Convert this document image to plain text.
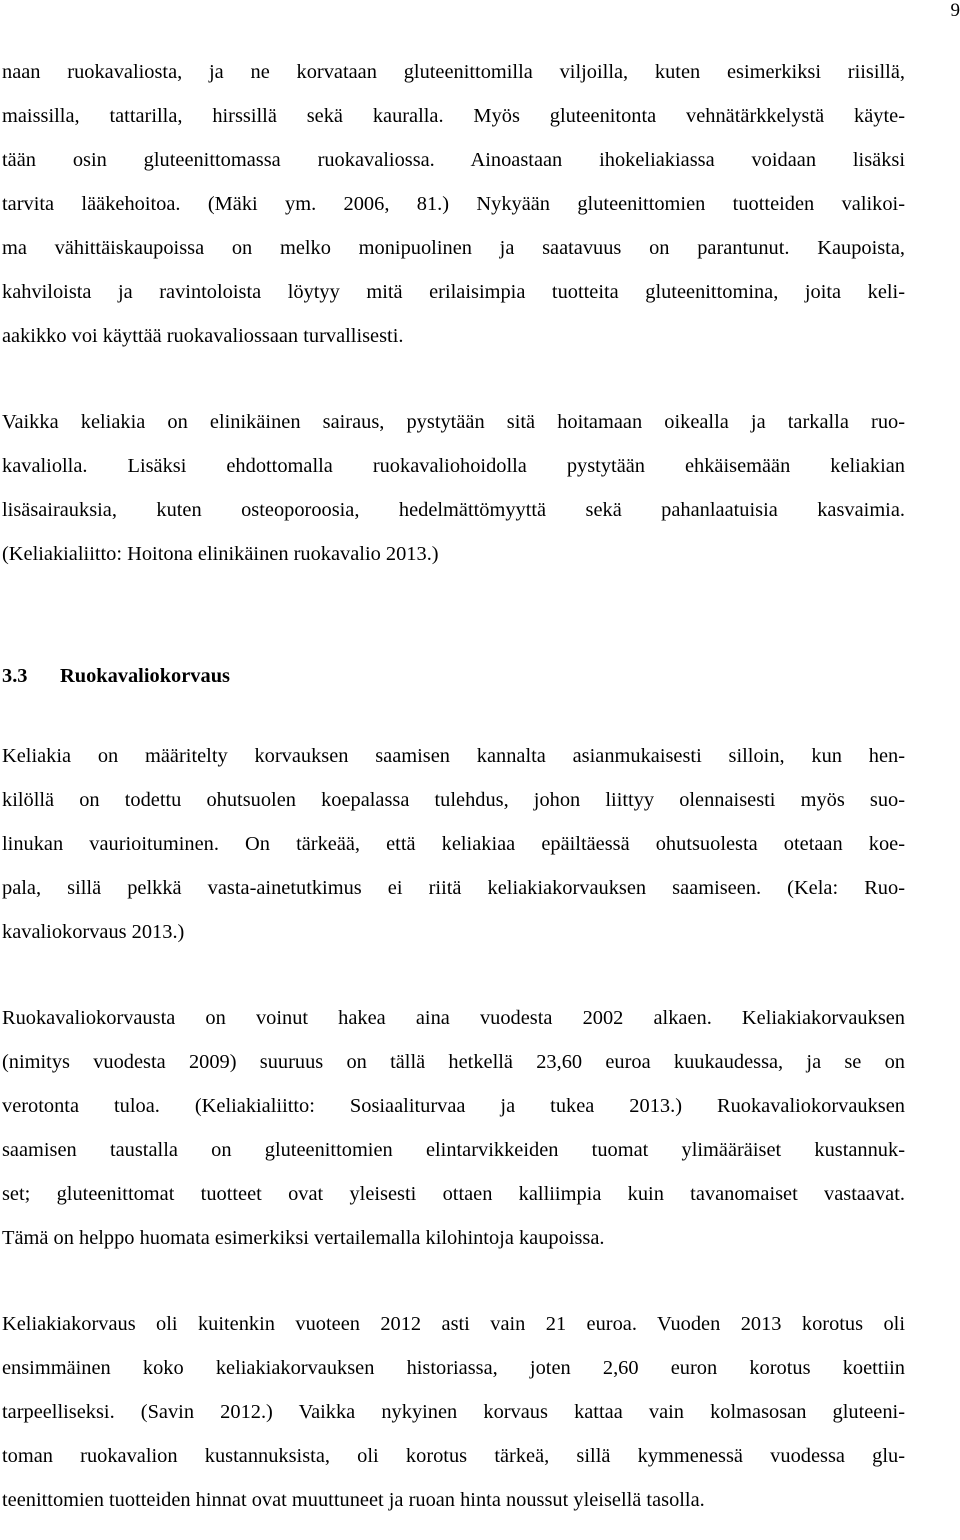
9
naan ruokavaliosta, ja ne korvataan gluteenittomilla viljoilla, kuten esimerkiksi riisillä,
maissilla, tattarilla, hirssillä sekä kauralla. Myös gluteenitonta vehnätärkkelystä käyte-
tään osin gluteenittomassa ruokavaliossa. Ainoastaan ihokeliakiassa voidaan lisäksi
tarvita lääkehoitoa. (Mäki ym. 2006, 81.) Nykyään gluteenittomien tuotteiden valikoi-
ma vähittäiskaupoissa on melko monipuolinen ja saatavuus on parantunut. Kaupoista,
kahviloista ja ravintoloista löytyy mitä erilaisimpia tuotteita gluteenittomina, joita keli-
aakikko voi käyttää ruokavaliossaan turvallisesti.
Vaikka keliakia on elinikäinen sairaus, pystytään sitä hoitamaan oikealla ja tarkalla ruo-
kavaliolla. Lisäksi ehdottomalla ruokavaliohoidolla pystytään ehkäisemään keliakian
lisäsairauksia, kuten osteoporoosia, hedelmättömyyttä sekä pahanlaatuisia kasvaimia.
(Keliakialiitto: Hoitona elinikäinen ruokavalio 2013.)
3.3 Ruokavaliokorvaus
Keliakia on määritelty korvauksen saamisen kannalta asianmukaisesti silloin, kun hen-
kilöllä on todettu ohutsuolen koepalassa tulehdus, johon liittyy olennaisesti myös suo-
linukan vaurioituminen. On tärkeää, että keliakiaa epäiltäessä ohutsuolesta otetaan koe-
pala, sillä pelkkä vasta-ainetutkimus ei riitä keliakiakorvauksen saamiseen. (Kela: Ruo-
kavaliokorvaus 2013.)
Ruokavaliokorvausta on voinut hakea aina vuodesta 2002 alkaen. Keliakiakorvauksen
(nimitys vuodesta 2009) suuruus on tällä hetkellä 23,60 euroa kuukaudessa, ja se on
verotonta tuloa. (Keliakialiitto: Sosiaaliturvaa ja tukea 2013.) Ruokavaliokorvauksen
saamisen taustalla on gluteenittomien elintarvikkeiden tuomat ylimääräiset kustannuk-
set; gluteenittomat tuotteet ovat yleisesti ottaen kalliimpia kuin tavanomaiset vastaavat.
Tämä on helppo huomata esimerkiksi vertailemalla kilohintoja kaupoissa.
Keliakiakorvaus oli kuitenkin vuoteen 2012 asti vain 21 euroa. Vuoden 2013 korotus oli
ensimmäinen koko keliakiakorvauksen historiassa, joten 2,60 euron korotus koettiin
tarpeelliseksi. (Savin 2012.) Vaikka nykyinen korvaus kattaa vain kolmasosan gluteeni-
toman ruokavalion kustannuksista, oli korotus tärkeä, sillä kymmenessä vuodessa glu-
teenittomien tuotteiden hinnat ovat muuttuneet ja ruoan hinta noussut yleisellä tasolla.
